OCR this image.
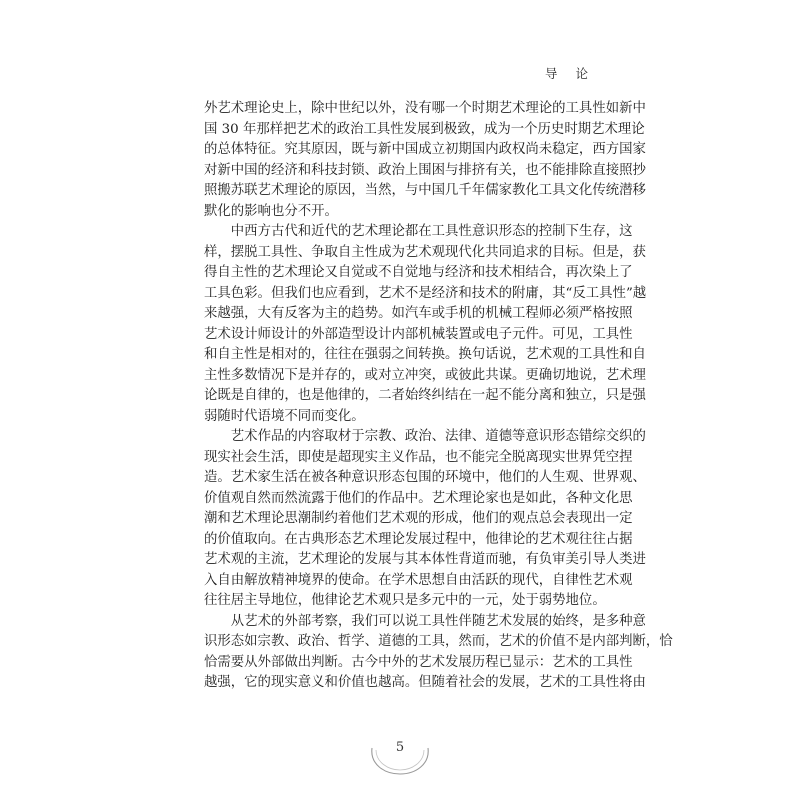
导 论
外艺术理论史上，除中世纪以外，没有哪一个时期艺术理论的工具性如新中
国 30 年那样把艺术的政治工具性发展到极致，成为一个历史时期艺术理论
的总体特征。究其原因，既与新中国成立初期国内政权尚未稳定，西方国家
对新中国的经济和科技封锁、政治上围困与排挤有关，也不能排除直接照抄
照搬苏联艺术理论的原因，当然，与中国几千年儒家教化工具文化传统潜移
默化的影响也分不开。
中西方古代和近代的艺术理论都在工具性意识形态的控制下生存，这
样，摆脱工具性、争取自主性成为艺术观现代化共同追求的目标。但是，获
得自主性的艺术理论又自觉或不自觉地与经济和技术相结合，再次染上了
工具色彩。但我们也应看到，艺术不是经济和技术的附庸，其“反工具性”越
来越强，大有反客为主的趋势。如汽车或手机的机械工程师必须严格按照
艺术设计师设计的外部造型设计内部机械装置或电子元件。可见，工具性
和自主性是相对的，往往在强弱之间转换。换句话说，艺术观的工具性和自
主性多数情况下是并存的，或对立冲突，或彼此共谋。更确切地说，艺术理
论既是自律的，也是他律的，二者始终纠结在一起不能分离和独立，只是强
弱随时代语境不同而变化。
艺术作品的内容取材于宗教、政治、法律、道德等意识形态错综交织的
现实社会生活，即使是超现实主义作品，也不能完全脱离现实世界凭空捏
造。艺术家生活在被各种意识形态包围的环境中，他们的人生观、世界观、
价值观自然而然流露于他们的作品中。艺术理论家也是如此，各种文化思
潮和艺术理论思潮制约着他们艺术观的形成，他们的观点总会表现出一定
的价值取向。在古典形态艺术理论发展过程中，他律论的艺术观往往占据
艺术观的主流，艺术理论的发展与其本体性背道而驰，有负审美引导人类进
入自由解放精神境界的使命。在学术思想自由活跃的现代，自律性艺术观
往往居主导地位，他律论艺术观只是多元中的一元，处于弱势地位。
从艺术的外部考察，我们可以说工具性伴随艺术发展的始终，是多种意
识形态如宗教、政治、哲学、道德的工具，然而，艺术的价值不是内部判断，恰
恰需要从外部做出判断。古今中外的艺术发展历程已显示：艺术的工具性
越强，它的现实意义和价值也越高。但随着社会的发展，艺术的工具性将由
5
